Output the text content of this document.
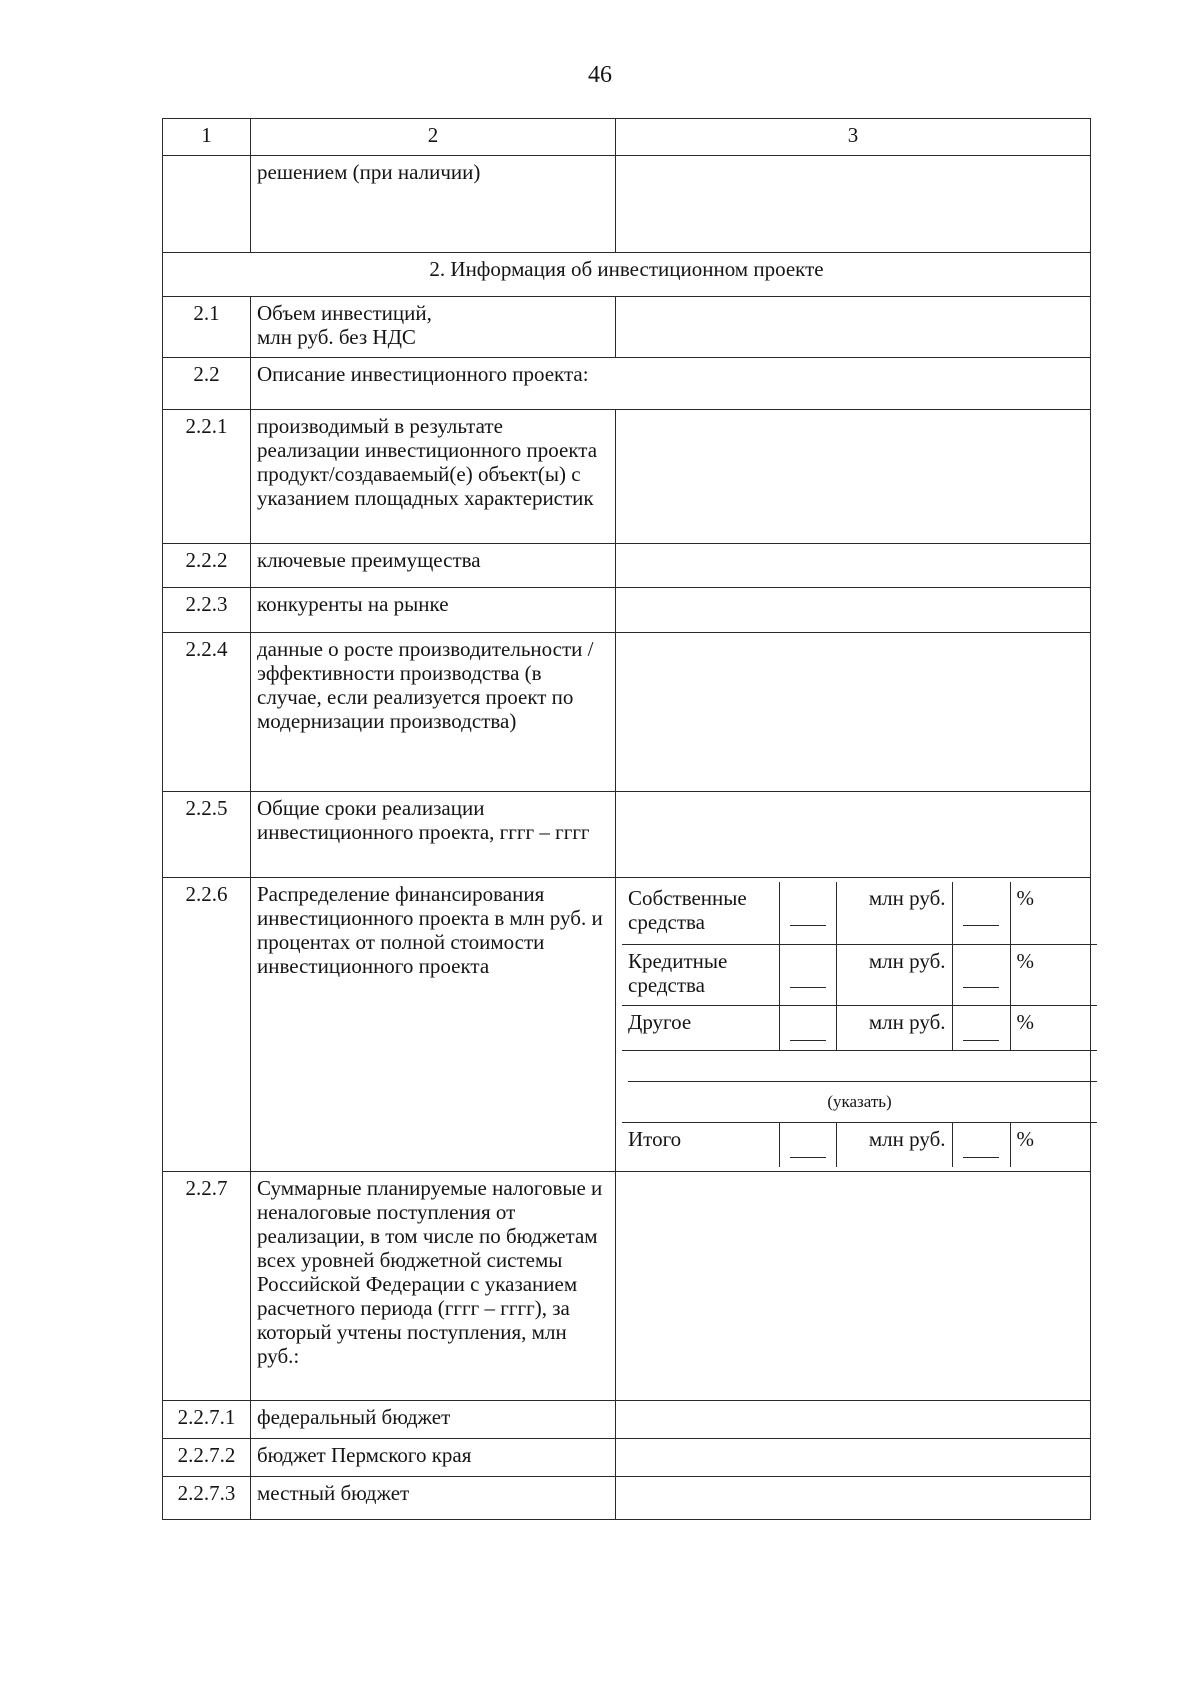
46
1	2	3
	решением (при наличии)	
2. Информация об инвестиционном проекте
2.1	Объем инвестиций,
млн руб. без НДС	
2.2	Описание инвестиционного проекта:
2.2.1	производимый в результате реализации инвестиционного проекта продукт/создаваемый(е) объект(ы) с указанием площадных характеристик	
2.2.2	ключевые преимущества	
2.2.3	конкуренты на рынке	
2.2.4	данные о росте производительности / эффективности производства (в случае, если реализуется проект по модернизации производства)	
2.2.5	Общие сроки реализации инвестиционного проекта, гггг – гггг	
2.2.6	Распределение финансирования инвестиционного проекта в млн руб. и процентах от полной стоимости инвестиционного проекта	
Собственные средства		млн руб.		%
Кредитные средства		млн руб.		%
Другое		млн руб.		%

(указать)

Итого		млн руб.		%

2.2.7	Суммарные планируемые налоговые и неналоговые поступления от реализации, в том числе по бюджетам всех уровней бюджетной системы Российской Федерации с указанием расчетного периода (гггг – гггг), за который учтены поступления, млн руб.:	
2.2.7.1	федеральный бюджет	
2.2.7.2	бюджет Пермского края	
2.2.7.3	местный бюджет	
